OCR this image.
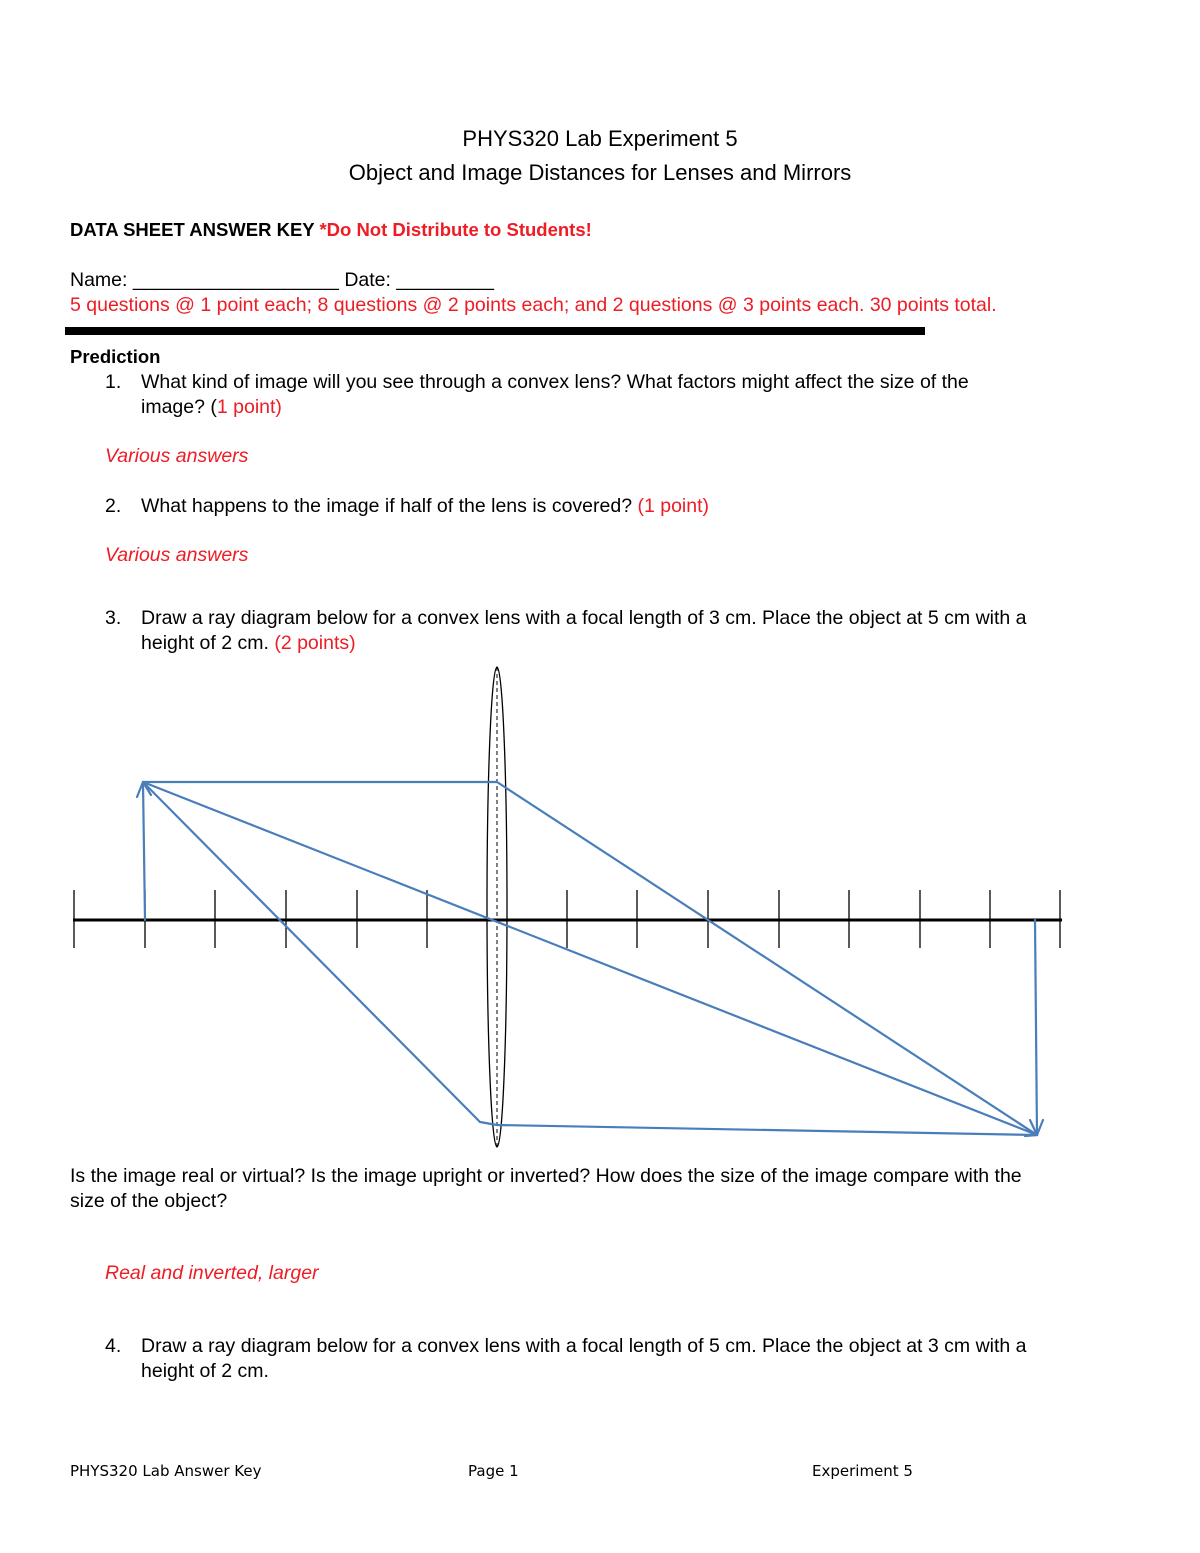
PHYS320 Lab Experiment 5
Object and Image Distances for Lenses and Mirrors
DATA SHEET ANSWER KEY *Do Not Distribute to Students!
Name: ___________________ Date: _________
5 questions @ 1 point each; 8 questions @ 2 points each; and 2 questions @ 3 points each. 30 points total.
Prediction
1. What kind of image will you see through a convex lens? What factors might affect the size of the
image? (1 point)
Various answers
2. What happens to the image if half of the lens is covered? (1 point)
Various answers
3. Draw a ray diagram below for a convex lens with a focal length of 3 cm. Place the object at 5 cm with a
height of 2 cm. (2 points)
Is the image real or virtual? Is the image upright or inverted? How does the size of the image compare with the
size of the object?
Real and inverted, larger
4. Draw a ray diagram below for a convex lens with a focal length of 5 cm. Place the object at 3 cm with a
height of 2 cm.
PHYS320 Lab Answer Key	Page 1	Experiment 5
